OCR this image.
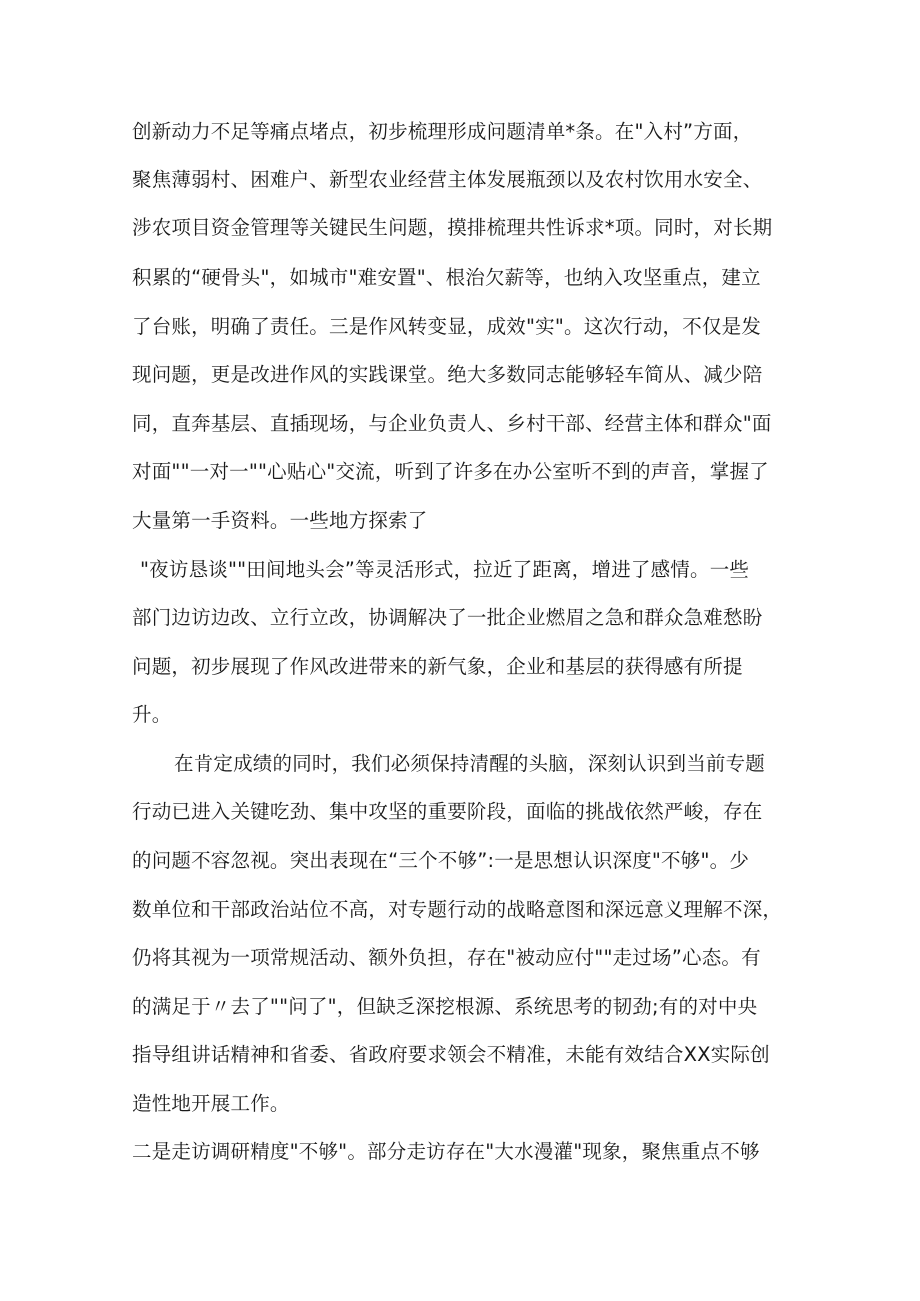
创新动力不足等痛点堵点，初步梳理形成问题清单*条。在"入村”方面，
聚焦薄弱村、困难户、新型农业经营主体发展瓶颈以及农村饮用水安全、
涉农项目资金管理等关键民生问题，摸排梳理共性诉求*项。同时，对长期
积累的“硬骨头"，如城市"难安置"、根治欠薪等，也纳入攻坚重点，建立
了台账，明确了责任。三是作风转变显，成效"实"。这次行动，不仅是发
现问题，更是改进作风的实践课堂。绝大多数同志能够轻车简从、减少陪
同，直奔基层、直插现场，与企业负责人、乡村干部、经营主体和群众"面
对面""一对一""心贴心"交流，听到了许多在办公室听不到的声音，掌握了
大量第一手资料。一些地方探索了
"夜访恳谈""田间地头会”等灵活形式，拉近了距离，增进了感情。一些
部门边访边改、立行立改，协调解决了一批企业燃眉之急和群众急难愁盼
问题，初步展现了作风改进带来的新气象，企业和基层的获得感有所提
升。
在肯定成绩的同时，我们必须保持清醒的头脑，深刻认识到当前专题
行动已进入关键吃劲、集中攻坚的重要阶段，面临的挑战依然严峻，存在
的问题不容忽视。突出表现在“三个不够”:一是思想认识深度"不够"。少
数单位和干部政治站位不高，对专题行动的战略意图和深远意义理解不深，
仍将其视为一项常规活动、额外负担，存在"被动应付""走过场”心态。有
的满足于〃去了""问了"，但缺乏深挖根源、系统思考的韧劲;有的对中央
指导组讲话精神和省委、省政府要求领会不精准，未能有效结合XX实际创
造性地开展工作。
二是走访调研精度"不够"。部分走访存在"大水漫灌"现象，聚焦重点不够
